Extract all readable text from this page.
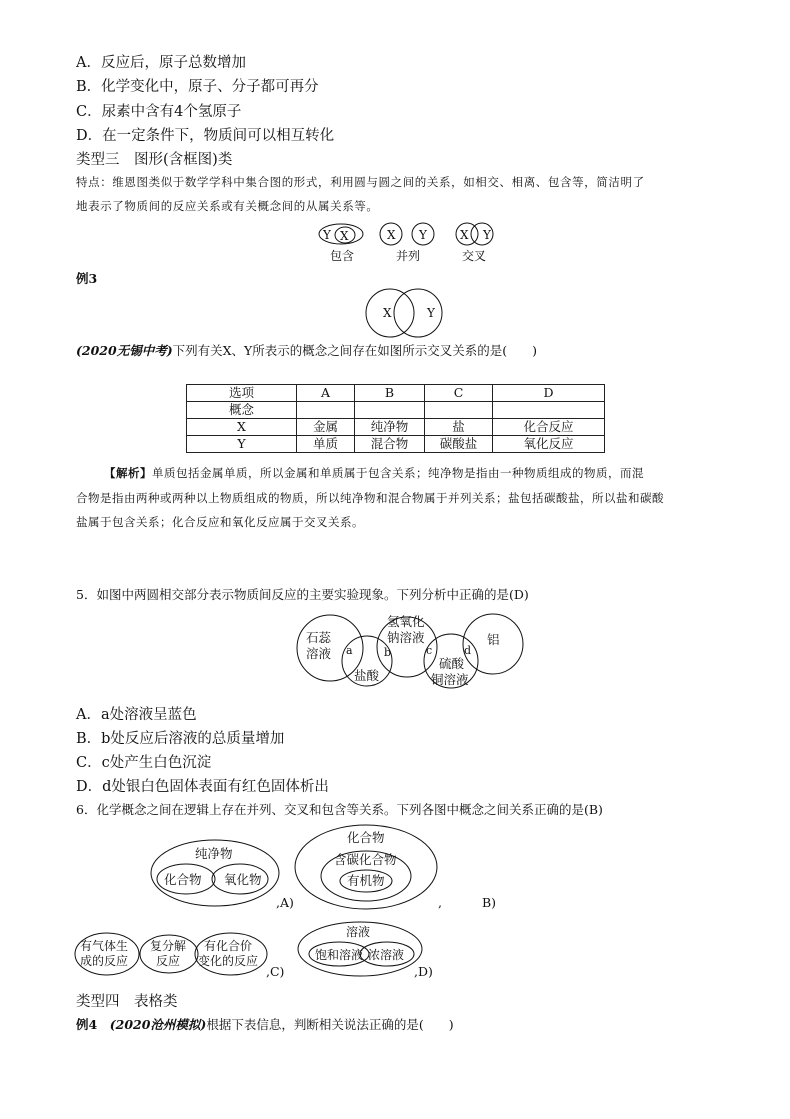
A．反应后，原子总数增加
B．化学变化中，原子、分子都可再分
C．尿素中含有4个氢原子
D．在一定条件下，物质间可以相互转化
类型三　图形(含框图)类
特点：维恩图类似于数学学科中集合图的形式，利用圆与圆之间的关系，如相交、相离、包含等，简洁明了
地表示了物质间的反应关系或有关概念间的从属关系等。
Y X
包含
X Y
并列
X Y
交叉
例3
X	Y
(2020无锡中考)下列有关X、Y所表示的概念之间存在如图所示交叉关系的是(　　)
选项	A	B	C	D
概念				
X	金属	纯净物	盐	化合反应
Y	单质	混合物	碳酸盐	氧化反应
【解析】单质包括金属单质，所以金属和单质属于包含关系；纯净物是指由一种物质组成的物质，而混
合物是指由两种或两种以上物质组成的物质，所以纯净物和混合物属于并列关系；盐包括碳酸盐，所以盐和碳酸
盐属于包含关系；化合反应和氧化反应属于交叉关系。
5．如图中两圆相交部分表示物质间反应的主要实验现象。下列分析中正确的是(D)
石蕊
溶液
盐酸
氢氧化
钠溶液
硫酸
铜溶液
铝
a	b	c	d
A．a处溶液呈蓝色
B．b处反应后溶液的总质量增加
C．c处产生白色沉淀
D．d处银白色固体表面有红色固体析出
6．化学概念之间在逻辑上存在并列、交叉和包含等关系。下列各图中概念之间关系正确的是(B)
纯净物
化合物 氧化物
,A)
化合物
含碳化合物
有机物
,	B)
有气体生
成的反应
复分解
反应
有化合价
变化的反应
,C)
溶液
饱和溶液 浓溶液
,D)
类型四　表格类
例4　 (2020沧州模拟)根据下表信息，判断相关说法正确的是(　　)
